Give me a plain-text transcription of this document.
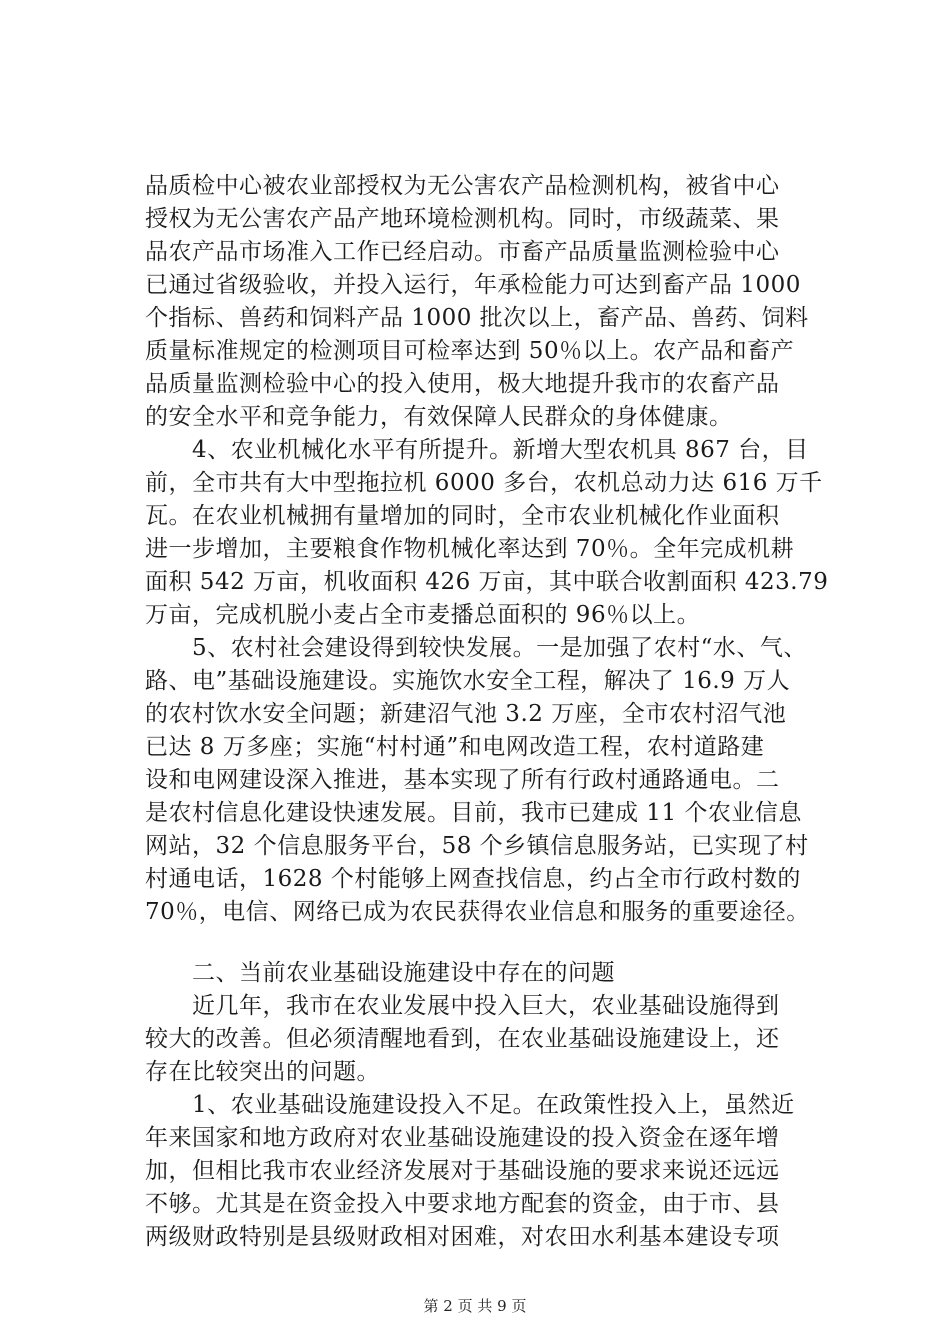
品质检中心被农业部授权为无公害农产品检测机构，被省中心
授权为无公害农产品产地环境检测机构。同时，市级蔬菜、果
品农产品市场准入工作已经启动。市畜产品质量监测检验中心
已通过省级验收，并投入运行，年承检能力可达到畜产品 1000
个指标、兽药和饲料产品 1000 批次以上，畜产品、兽药、饲料
质量标准规定的检测项目可检率达到 50％以上。农产品和畜产
品质量监测检验中心的投入使用，极大地提升我市的农畜产品
的安全水平和竞争能力，有效保障人民群众的身体健康。
4、农业机械化水平有所提升。新增大型农机具 867 台，目
前，全市共有大中型拖拉机 6000 多台，农机总动力达 616 万千
瓦。在农业机械拥有量增加的同时，全市农业机械化作业面积
进一步增加，主要粮食作物机械化率达到 70％。全年完成机耕
面积 542 万亩，机收面积 426 万亩，其中联合收割面积 423.79
万亩，完成机脱小麦占全市麦播总面积的 96％以上。
5、农村社会建设得到较快发展。一是加强了农村“水、气、
路、电”基础设施建设。实施饮水安全工程，解决了 16.9 万人
的农村饮水安全问题；新建沼气池 3.2 万座，全市农村沼气池
已达 8 万多座；实施“村村通”和电网改造工程，农村道路建
设和电网建设深入推进，基本实现了所有行政村通路通电。二
是农村信息化建设快速发展。目前，我市已建成 11 个农业信息
网站，32 个信息服务平台，58 个乡镇信息服务站，已实现了村
村通电话，1628 个村能够上网查找信息，约占全市行政村数的
70％，电信、网络已成为农民获得农业信息和服务的重要途径。
二、当前农业基础设施建设中存在的问题
近几年，我市在农业发展中投入巨大，农业基础设施得到
较大的改善。但必须清醒地看到，在农业基础设施建设上，还
存在比较突出的问题。
1、农业基础设施建设投入不足。在政策性投入上，虽然近
年来国家和地方政府对农业基础设施建设的投入资金在逐年增
加，但相比我市农业经济发展对于基础设施的要求来说还远远
不够。尤其是在资金投入中要求地方配套的资金，由于市、县
两级财政特别是县级财政相对困难，对农田水利基本建设专项
第 2 页 共 9 页
